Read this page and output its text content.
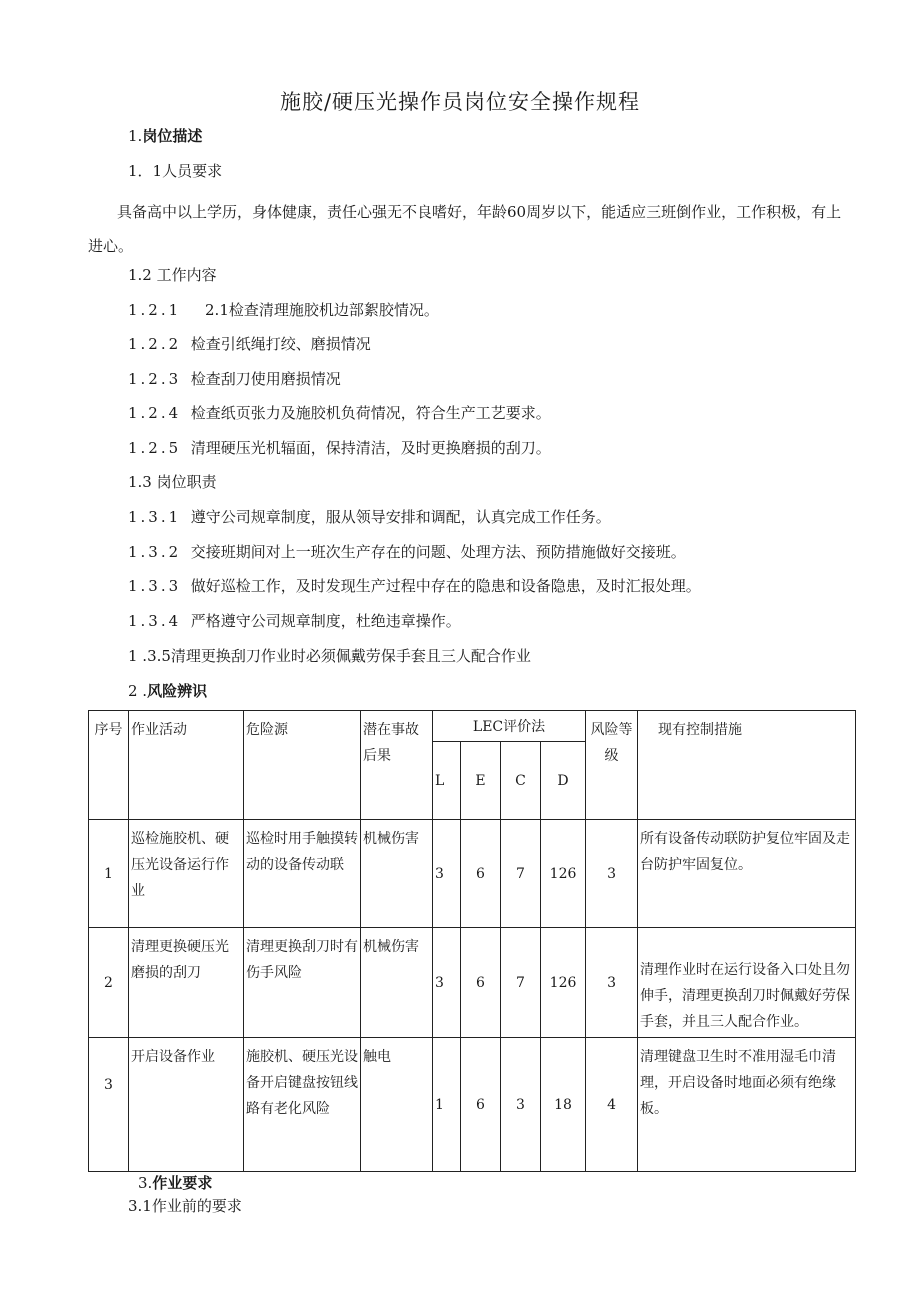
施胶/硬压光操作员岗位安全操作规程
1.岗位描述
1．1人员要求
具备高中以上学历，身体健康，责任心强无不良嗜好，年龄60周岁以下，能适应三班倒作业，工作积极，有上进心。
1.2 工作内容
1.2.1 2.1检查清理施胶机边部絮胶情况。
1.2.2 检查引纸绳打绞、磨损情况
1.2.3 检查刮刀使用磨损情况
1.2.4 检查纸页张力及施胶机负荷情况，符合生产工艺要求。
1.2.5 清理硬压光机辐面，保持清洁，及时更换磨损的刮刀。
1.3 岗位职责
1.3.1 遵守公司规章制度，服从领导安排和调配，认真完成工作任务。
1.3.2 交接班期间对上一班次生产存在的问题、处理方法、预防措施做好交接班。
1.3.3 做好巡检工作，及时发现生产过程中存在的隐患和设备隐患，及时汇报处理。
1.3.4 严格遵守公司规章制度，杜绝违章操作。
1 .3.5清理更换刮刀作业时必须佩戴劳保手套且三人配合作业
2 .风险辨识
序号	作业活动	危险源	潜在事故后果	LEC评价法				风险等级	现有控制措施
				L	E	C	D		
1	巡检施胶机、硬压光设备运行作业	巡检时用手触摸转动的设备传动联	机械伤害	3	6	7	126	3	所有设备传动联防护复位牢固及走台防护牢固复位。
2	清理更换硬压光磨损的刮刀	清理更换刮刀时有伤手风险	机械伤害	3	6	7	126	3	清理作业时在运行设备入口处且勿伸手，清理更换刮刀时佩戴好劳保手套，并且三人配合作业。
3	开启设备作业	施胶机、硬压光设备开启键盘按钮线路有老化风险	触电	1	6	3	18	4	清理键盘卫生时不准用湿毛巾清理，开启设备时地面必须有绝缘板。
3.作业要求
3.1作业前的要求
